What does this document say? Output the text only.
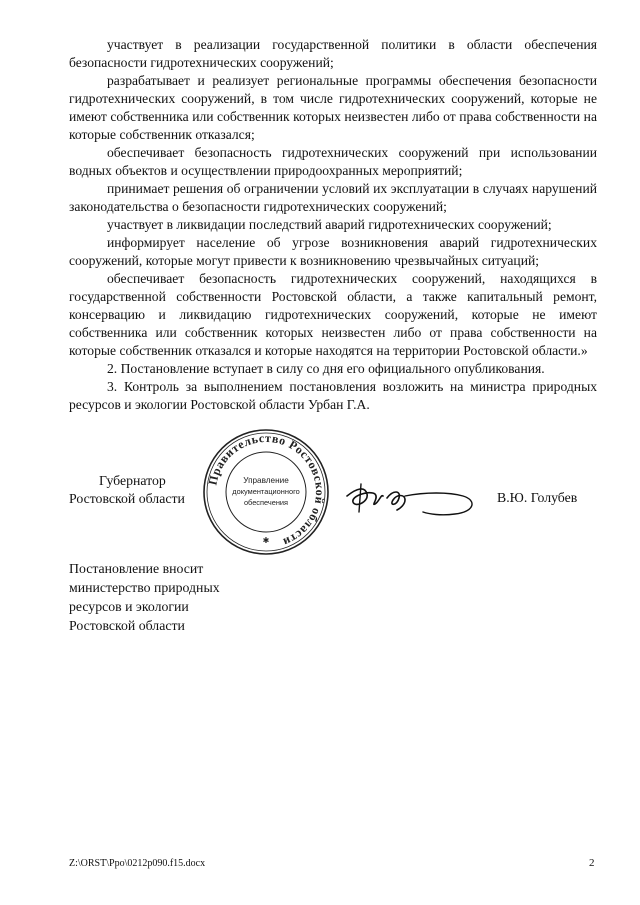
участвует в реализации государственной политики в области обеспечения безопасности гидротехнических сооружений;

разрабатывает и реализует региональные программы обеспечения безопасности гидротехнических сооружений, в том числе гидротехнических сооружений, которые не имеют собственника или собственник которых неизвестен либо от права собственности на которые собственник отказался;

обеспечивает безопасность гидротехнических сооружений при использовании водных объектов и осуществлении природоохранных мероприятий;

принимает решения об ограничении условий их эксплуатации в случаях нарушений законодательства о безопасности гидротехнических сооружений;

участвует в ликвидации последствий аварий гидротехнических сооружений;

информирует население об угрозе возникновения аварий гидротехнических сооружений, которые могут привести к возникновению чрезвычайных ситуаций;

обеспечивает безопасность гидротехнических сооружений, находящихся в государственной собственности Ростовской области, а также капитальный ремонт, консервацию и ликвидацию гидротехнических сооружений, которые не имеют собственника или собственник которых неизвестен либо от права собственности на которые собственник отказался и которые находятся на территории Ростовской области.»

2. Постановление вступает в силу со дня его официального опубликования.

3. Контроль за выполнением постановления возложить на министра природных ресурсов и экологии Ростовской области Урбан Г.А.

Губернатор
Ростовской области
Правительство Ростовской области
Управление
документационного
обеспечения
✱
В.Ю. Голубев
Постановление вносит
министерство природных
ресурсов и экологии
Ростовской области
Z:\ORST\Ppo\0212p090.f15.docx	2
